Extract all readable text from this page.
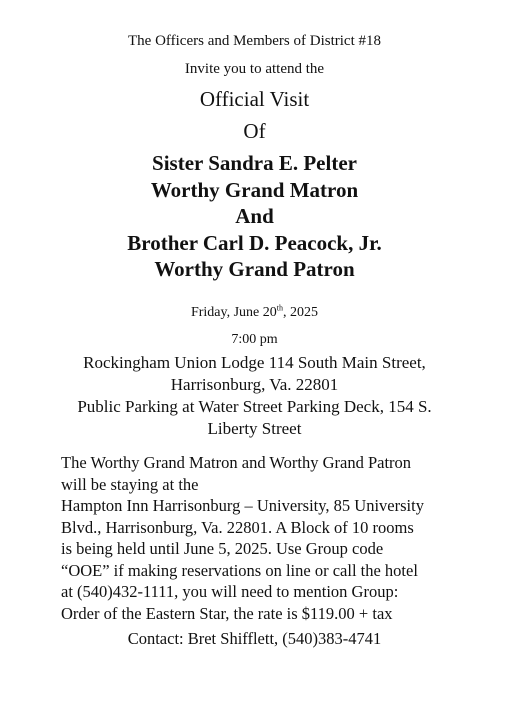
The Officers and Members of District #18
Invite you to attend the
Official Visit
Of
Sister Sandra E. Pelter
Worthy Grand Matron
And
Brother Carl D. Peacock, Jr.
Worthy Grand Patron
Friday, June 20th, 2025
7:00 pm
Rockingham Union Lodge 114 South Main Street,
Harrisonburg, Va. 22801
Public Parking at Water Street Parking Deck, 154 S.
Liberty Street
The Worthy Grand Matron and Worthy Grand Patron
will be staying at the
Hampton Inn Harrisonburg – University, 85 University
Blvd., Harrisonburg, Va. 22801. A Block of 10 rooms
is being held until June 5, 2025. Use Group code
“OOE” if making reservations on line or call the hotel
at (540)432-1111, you will need to mention Group:
Order of the Eastern Star, the rate is $119.00 + tax
Contact: Bret Shifflett, (540)383-4741
